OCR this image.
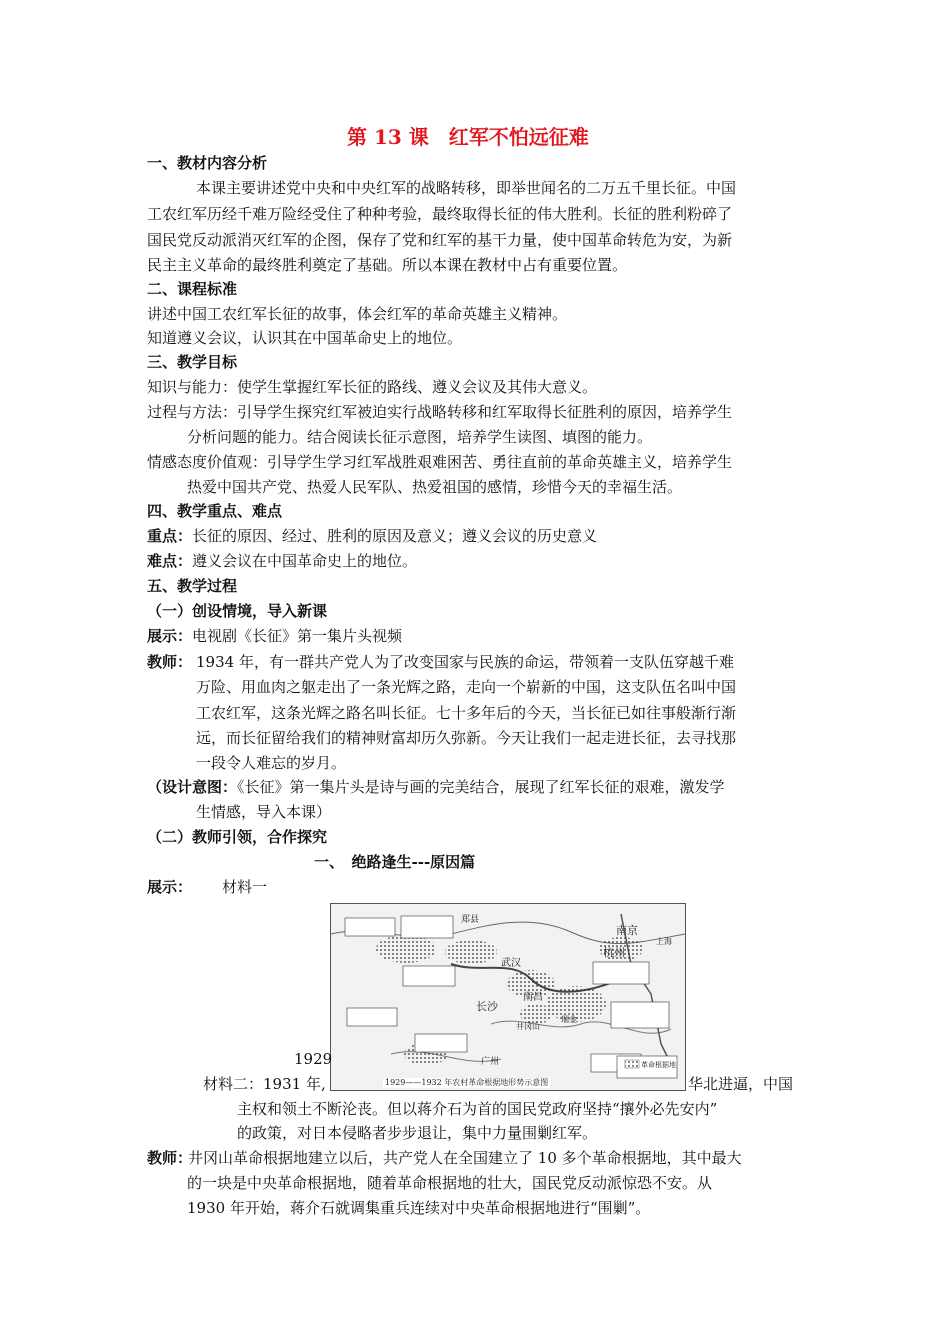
第 13 课　红军不怕远征难
一、教材内容分析
本课主要讲述党中央和中央红军的战略转移，即举世闻名的二万五千里长征。中国
工农红军历经千难万险经受住了种种考验，最终取得长征的伟大胜利。长征的胜利粉碎了
国民党反动派消灭红军的企图，保存了党和红军的基干力量，使中国革命转危为安，为新
民主主义革命的最终胜利奠定了基础。所以本课在教材中占有重要位置。
二、课程标准
讲述中国工农红军长征的故事，体会红军的革命英雄主义精神。
知道遵义会议，认识其在中国革命史上的地位。
三、教学目标
知识与能力：使学生掌握红军长征的路线、遵义会议及其伟大意义。
过程与方法：引导学生探究红军被迫实行战略转移和红军取得长征胜利的原因，培养学生
分析问题的能力。结合阅读长征示意图，培养学生读图、填图的能力。
情感态度价值观：引导学生学习红军战胜艰难困苦、勇往直前的革命英雄主义，培养学生
热爱中国共产党、热爱人民军队、热爱祖国的感情，珍惜今天的幸福生活。
四、教学重点、难点
重点：长征的原因、经过、胜利的原因及意义；遵义会议的历史意义
难点：遵义会议在中国革命史上的地位。
五、教学过程
（一）创设情境，导入新课
展示：电视剧《长征》第一集片头视频
教师： 1934 年，有一群共产党人为了改变国家与民族的命运，带领着一支队伍穿越千难
万险、用血肉之躯走出了一条光辉之路，走向一个崭新的中国，这支队伍名叫中国
工农红军，这条光辉之路名叫长征。七十多年后的今天，当长征已如往事般渐行渐
远，而长征留给我们的精神财富却历久弥新。今天让我们一起走进长征，去寻找那
一段令人难忘的岁月。
（设计意图：《长征》第一集片头是诗与画的完美结合，展现了红军长征的艰难，激发学
生情感，导入本课）
（二）教师引领，合作探究
一、　绝路逢生---原因篇
展示： 材料一
郑县
武汉
长沙
南昌
杭州
南京
上海
广州
井冈山
瑞金
革命根据地
1929——1932 年农村革命根据地形势示意图
1929
材料二：1931 年,	华北进逼，中国
主权和领土不断沦丧。但以蒋介石为首的国民党政府坚持“攘外必先安内”
的政策，对日本侵略者步步退让，集中力量围剿红军。
教师：
井冈山革命根据地建立以后，共产党人在全国建立了 10 多个革命根据地，其中最大
的一块是中央革命根据地，随着革命根据地的壮大，国民党反动派惊恐不安。从
1930 年开始，蒋介石就调集重兵连续对中央革命根据地进行“围剿”。
